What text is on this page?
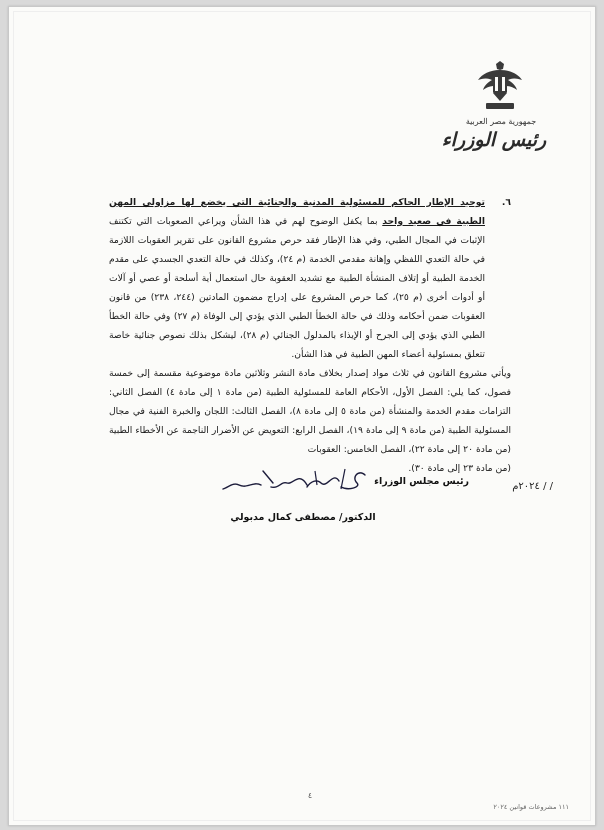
جمهورية مصر العربية
رئيس الوزراء
٦.

توحيد الإطار الحاكم للمسئولية المدنية والجنائية التي يخضع لها مزاولي المهن الطبية في صعيد واحد بما يكفل الوضوح لهم في هذا الشأن ويراعي الصعوبات التي تكتنف الإثبات في المجال الطبي، وفي هذا الإطار فقد حرص مشروع القانون على تقرير العقوبات اللازمة في حالة التعدي اللفظي وإهانة مقدمي الخدمة (م ٢٤)، وكذلك في حالة التعدي الجسدي على مقدم الخدمة الطبية أو إتلاف المنشأة الطبية مع تشديد العقوبة حال استعمال أية أسلحة أو عصي أو آلات أو أدوات أخرى (م ٢٥)، كما حرص المشروع على إدراج مضمون المادتين (٢٤٤، ٢٣٨) من قانون العقوبات ضمن أحكامه وذلك في حالة الخطأ الطبي الذي يؤدي إلى الوفاة (م ٢٧) وفي حالة الخطأ الطبي الذي يؤدي إلى الجرح أو الإيذاء بالمدلول الجنائي (م ٢٨)، ليشكل بذلك نصوص جنائية خاصة تتعلق بمسئولية أعضاء المهن الطبية في هذا الشأن.

ويأتي مشروع القانون في ثلاث مواد إصدار بخلاف مادة النشر وثلاثين مادة موضوعية مقسمة إلى خمسة فصول، كما يلي: الفصل الأول، الأحكام العامة للمسئولية الطبية (من مادة ١ إلى مادة ٤) الفصل الثاني: التزامات مقدم الخدمة والمنشأة (من مادة ٥ إلى مادة ٨)، الفصل الثالث: اللجان والخبرة الفنية في مجال المسئولية الطبية (من مادة ٩ إلى مادة ١٩)، الفصل الرابع: التعويض عن الأضرار الناجمة عن الأخطاء الطبية (من مادة ٢٠ إلى مادة ٢٢)، الفصل الخامس: العقوبات

(من مادة ٢٣ إلى مادة ٣٠).

رئيس مجلس الوزراء
الدكتور/ مصطفى كمال مدبولي
/ / ٢٠٢٤م
٤
١١١ مشروعات قوانين ٢٠٢٤
